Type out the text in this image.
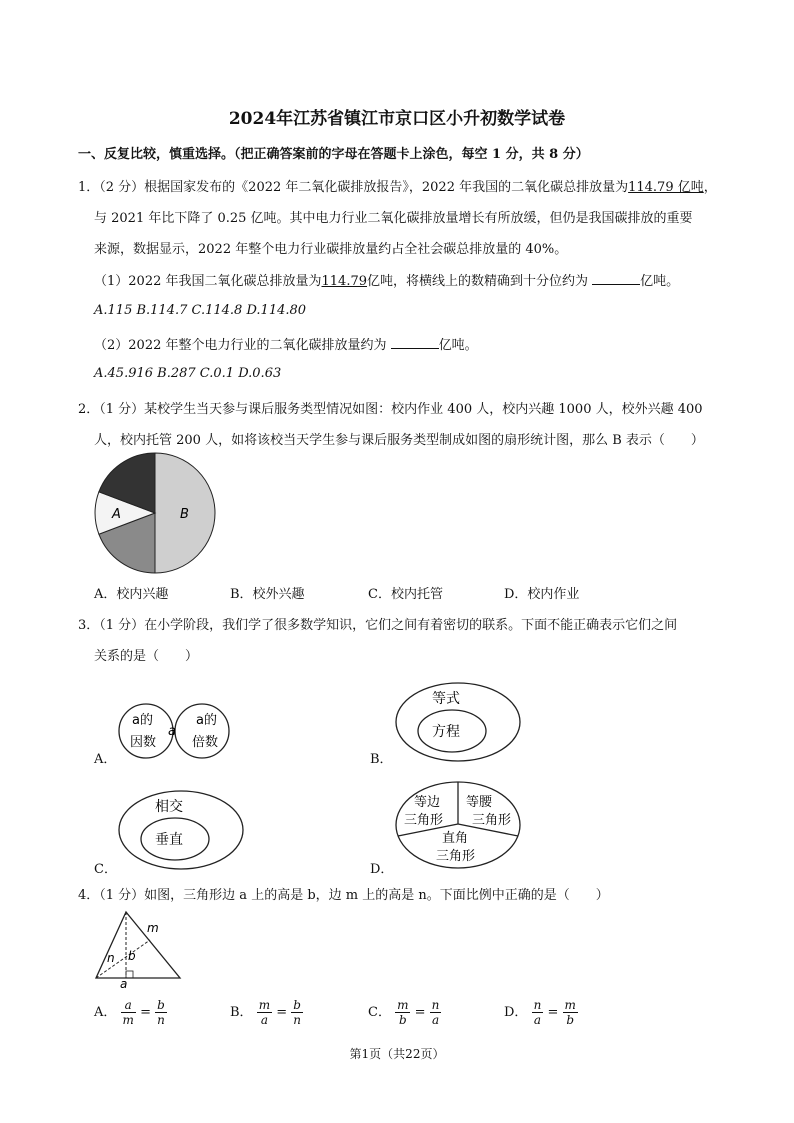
2024年江苏省镇江市京口区小升初数学试卷
一、反复比较，慎重选择。（把正确答案前的字母在答题卡上涂色，每空 1 分，共 8 分）
1．（2 分）根据国家发布的《2022 年二氧化碳排放报告》，2022 年我国的二氧化碳总排放量为114.79 亿吨，
与 2021 年比下降了 0.25 亿吨。其中电力行业二氧化碳排放量增长有所放缓，但仍是我国碳排放的重要
来源，数据显示，2022 年整个电力行业碳排放量约占全社会碳总排放量的 40%。
（1）2022 年我国二氧化碳总排放量为114.79亿吨，将横线上的数精确到十分位约为	亿吨。
A.115 B.114.7 C.114.8 D.114.80
（2）2022 年整个电力行业的二氧化碳排放量约为	亿吨。
A.45.916 B.287 C.0.1 D.0.63
2．（1 分）某校学生当天参与课后服务类型情况如图：校内作业 400 人，校内兴趣 1000 人，校外兴趣 400
人，校内托管 200 人，如将该校当天学生参与课后服务类型制成如图的扇形统计图，那么 B 表示（　　）
A	B
A．校内兴趣	B．校外兴趣	C．校内托管	D．校内作业
3．（1 分）在小学阶段，我们学了很多数学知识，它们之间有着密切的联系。下面不能正确表示它们之间
关系的是（　　）
A．
a的
因数
a
a的
倍数
B．
等式
方程
C．
相交
垂直
D．
等边
三角形
等腰
三角形
直角
三角形
4．（1 分）如图，三角形边 a 上的高是 b，边 m 上的高是 n。下面比例中正确的是（　　）
m
n b
a
A． $\frac{a}{m} = \frac{b}{n}$	B． $\frac{m}{a} = \frac{b}{n}$	C． $\frac{m}{b} = \frac{n}{a}$	D． $\frac{n}{a} = \frac{m}{b}$
第1页（共22页）
